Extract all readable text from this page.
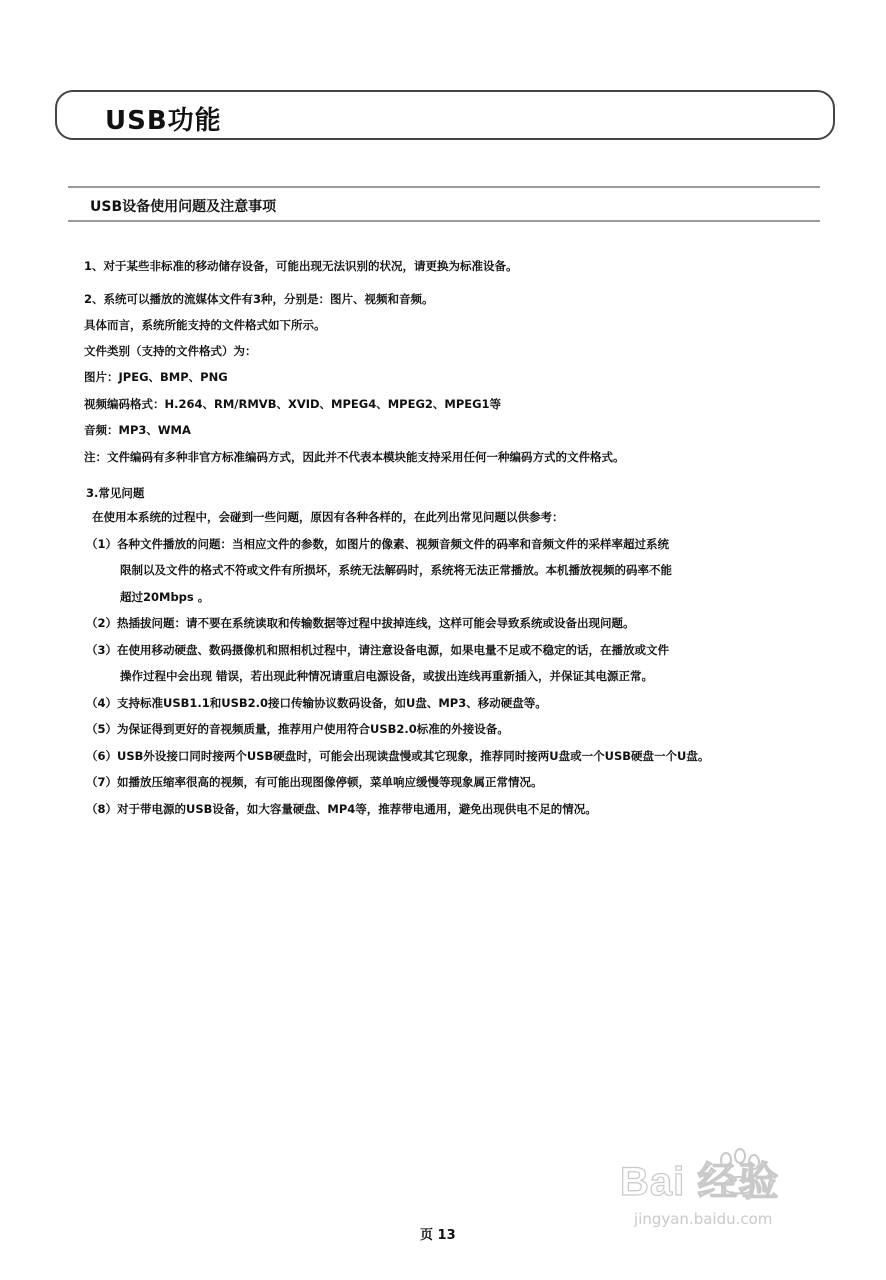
USB功能
USB设备使用问题及注意事项
1、对于某些非标准的移动储存设备，可能出现无法识别的状况，请更换为标准设备。
2、系统可以播放的流媒体文件有3种，分别是：图片、视频和音频。
具体而言，系统所能支持的文件格式如下所示。
文件类别（支持的文件格式）为：
图片：JPEG、BMP、PNG
视频编码格式：H.264、RM/RMVB、XVID、MPEG4、MPEG2、MPEG1等
音频：MP3、WMA
注：文件编码有多种非官方标准编码方式，因此并不代表本模块能支持采用任何一种编码方式的文件格式。
3.常见问题
在使用本系统的过程中，会碰到一些问题，原因有各种各样的，在此列出常见问题以供参考：
（1）各种文件播放的问题：当相应文件的参数，如图片的像素、视频音频文件的码率和音频文件的采样率超过系统
限制以及文件的格式不符或文件有所损坏，系统无法解码时，系统将无法正常播放。本机播放视频的码率不能
超过20Mbps 。
（2）热插拔问题：请不要在系统读取和传输数据等过程中拔掉连线，这样可能会导致系统或设备出现问题。
（3）在使用移动硬盘、数码摄像机和照相机过程中，请注意设备电源，如果电量不足或不稳定的话，在播放或文件
操作过程中会出现 错误，若出现此种情况请重启电源设备，或拔出连线再重新插入，并保证其电源正常。
（4）支持标准USB1.1和USB2.0接口传输协议数码设备，如U盘、MP3、移动硬盘等。
（5）为保证得到更好的音视频质量，推荐用户使用符合USB2.0标准的外接设备。
（6）USB外设接口同时接两个USB硬盘时，可能会出现读盘慢或其它现象，推荐同时接两U盘或一个USB硬盘一个U盘。
（7）如播放压缩率很高的视频，有可能出现图像停顿，菜单响应缓慢等现象属正常情况。
（8）对于带电源的USB设备，如大容量硬盘、MP4等，推荐带电通用，避免出现供电不足的情况。
Bai 经验
jingyan.baidu.com
页 13
